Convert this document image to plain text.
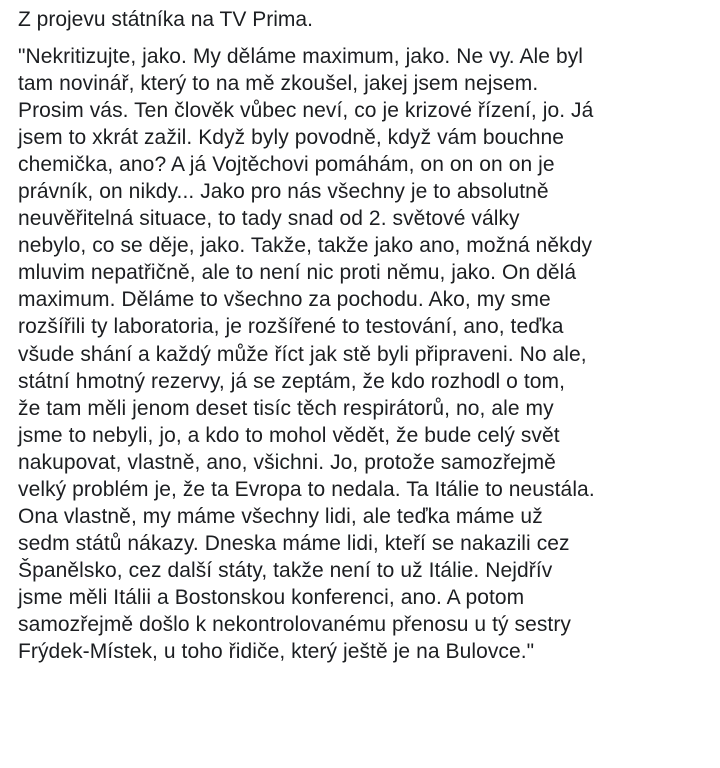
Z projevu státníka na TV Prima.

"Nekritizujte, jako. My děláme maximum, jako. Ne vy. Ale byl
tam novinář, který to na mě zkoušel, jakej jsem nejsem.
Prosim vás. Ten člověk vůbec neví, co je krizové řízení, jo. Já
jsem to xkrát zažil. Když byly povodně, když vám bouchne
chemička, ano? A já Vojtěchovi pomáhám, on on on on je
právník, on nikdy... Jako pro nás všechny je to absolutně
neuvěřitelná situace, to tady snad od 2. světové války
nebylo, co se děje, jako. Takže, takže jako ano, možná někdy
mluvim nepatřičně, ale to není nic proti němu, jako. On dělá
maximum. Děláme to všechno za pochodu. Ako, my sme
rozšířili ty laboratoria, je rozšířené to testování, ano, teďka
všude shání a každý může říct jak stě byli připraveni. No ale,
státní hmotný rezervy, já se zeptám, že kdo rozhodl o tom,
že tam měli jenom deset tisíc těch respirátorů, no, ale my
jsme to nebyli, jo, a kdo to mohol vědět, že bude celý svět
nakupovat, vlastně, ano, všichni. Jo, protože samozřejmě
velký problém je, že ta Evropa to nedala. Ta Itálie to neustála.
Ona vlastně, my máme všechny lidi, ale teďka máme už
sedm států nákazy. Dneska máme lidi, kteří se nakazili cez
Španělsko, cez další státy, takže není to už Itálie. Nejdřív
jsme měli Itálii a Bostonskou konferenci, ano. A potom
samozřejmě došlo k nekontrolovanému přenosu u tý sestry
Frýdek-Místek, u toho řidiče, který ještě je na Bulovce."
